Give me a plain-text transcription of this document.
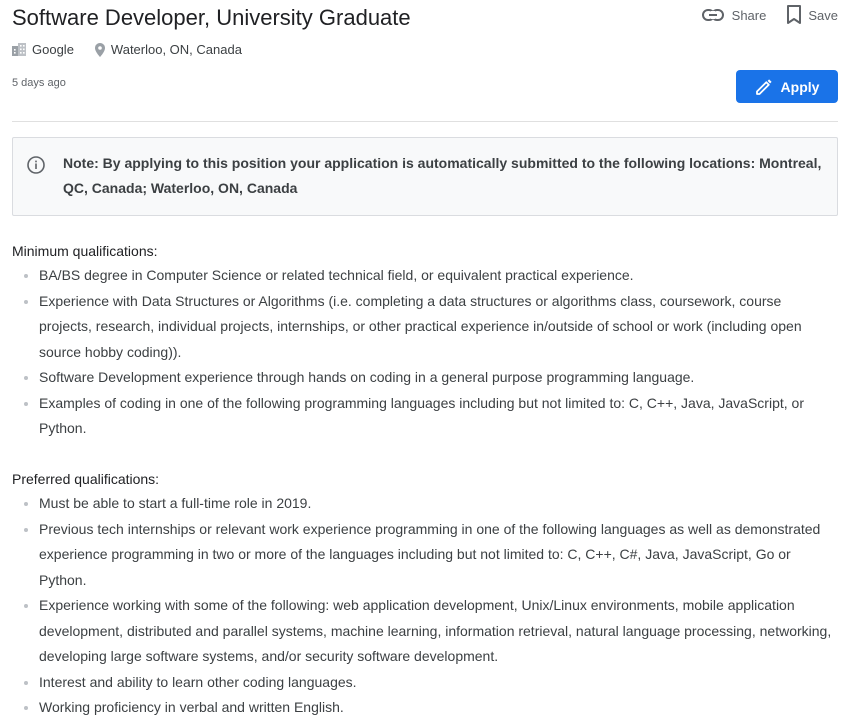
Software Developer, University Graduate	Share	Save
Google	Waterloo, ON, Canada
5 days ago	Apply
Note: By applying to this position your application is automatically submitted to the following locations: Montreal, QC, Canada; Waterloo, ON, Canada
Minimum qualifications:
BA/BS degree in Computer Science or related technical field, or equivalent practical experience.
Experience with Data Structures or Algorithms (i.e. completing a data structures or algorithms class, coursework, course projects, research, individual projects, internships, or other practical experience in/outside of school or work (including open source hobby coding)).
Software Development experience through hands on coding in a general purpose programming language.
Examples of coding in one of the following programming languages including but not limited to: C, C++, Java, JavaScript, or Python.
Preferred qualifications:
Must be able to start a full-time role in 2019.
Previous tech internships or relevant work experience programming in one of the following languages as well as demonstrated experience programming in two or more of the languages including but not limited to: C, C++, C#, Java, JavaScript, Go or Python.
Experience working with some of the following: web application development, Unix/Linux environments, mobile application development, distributed and parallel systems, machine learning, information retrieval, natural language processing, networking, developing large software systems, and/or security software development.
Interest and ability to learn other coding languages.
Working proficiency in verbal and written English.
